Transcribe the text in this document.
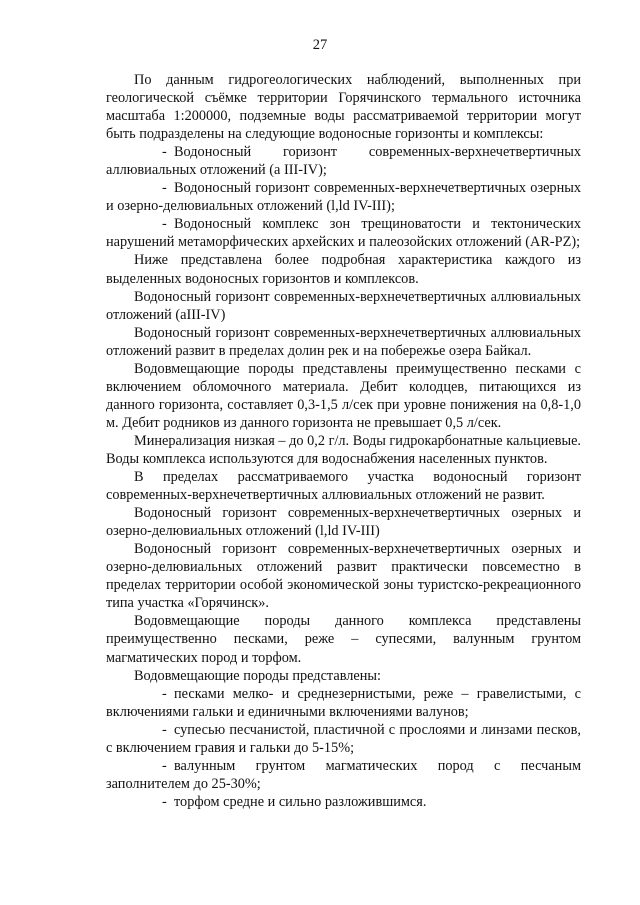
27

По данным гидрогеологических наблюдений, выполненных при геологической съёмке территории Горячинского термального источника масштаба 1:200000, подземные воды рассматриваемой территории могут быть подразделены на следующие водоносные горизонты и комплексы:

- Водоносный горизонт современных-верхнечетвертичных аллювиальных отложений (a III-IV);

- Водоносный горизонт современных-верхнечетвертичных озерных и озерно-делювиальных отложений (l,ld IV-III);

- Водоносный комплекс зон трещиноватости и тектонических нарушений метаморфических архейских и палеозойских отложений (AR-PZ);

Ниже представлена более подробная характеристика каждого из выделенных водоносных горизонтов и комплексов.

Водоносный горизонт современных-верхнечетвертичных аллювиальных отложений (aIII-IV)

Водоносный горизонт современных-верхнечетвертичных аллювиальных отложений развит в пределах долин рек и на побережье озера Байкал.

Водовмещающие породы представлены преимущественно песками с включением обломочного материала. Дебит колодцев, питающихся из данного горизонта, составляет 0,3-1,5 л/сек при уровне понижения на 0,8-1,0 м. Дебит родников из данного горизонта не превышает 0,5 л/сек.

Минерализация низкая – до 0,2 г/л. Воды гидрокарбонатные кальциевые. Воды комплекса используются для водоснабжения населенных пунктов.

В пределах рассматриваемого участка водоносный горизонт современных-верхнечетвертичных аллювиальных отложений не развит.

Водоносный горизонт современных-верхнечетвертичных озерных и озерно-делювиальных отложений (l,ld IV-III)

Водоносный горизонт современных-верхнечетвертичных озерных и озерно-делювиальных отложений развит практически повсеместно в пределах территории особой экономической зоны туристско-рекреационного типа участка «Горячинск».

Водовмещающие породы данного комплекса представлены преимущественно песками, реже – супесями, валунным грунтом магматических пород и торфом.

Водовмещающие породы представлены:

- песками мелко- и среднезернистыми, реже – гравелистыми, с включениями гальки и единичными включениями валунов;

- супесью песчанистой, пластичной с прослоями и линзами песков, с включением гравия и гальки до 5-15%;

- валунным грунтом магматических пород с песчаным заполнителем до 25-30%;

- торфом средне и сильно разложившимся.
